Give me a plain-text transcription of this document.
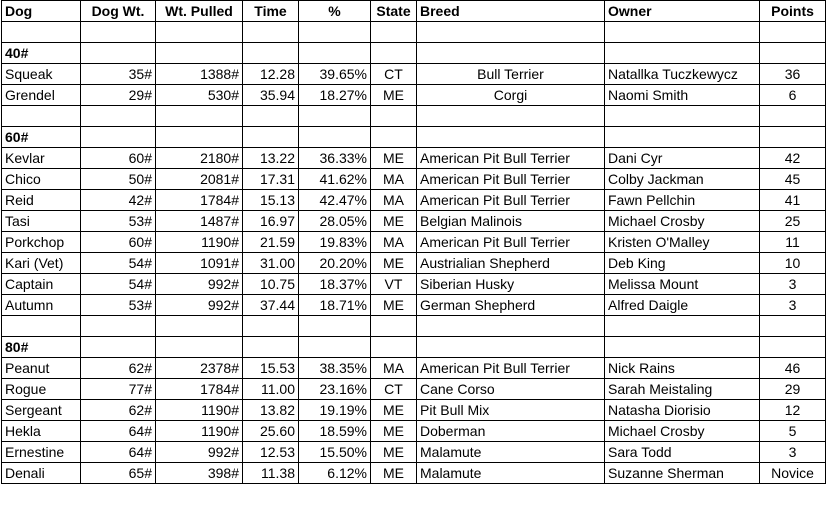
Dog	Dog Wt.	Wt. Pulled	Time	%	State	Breed	Owner	Points

40#								
Squeak	35#	1388#	12.28	39.65%	CT	Bull Terrier	Natallka Tuczkewycz	36
Grendel	29#	530#	35.94	18.27%	ME	Corgi	Naomi Smith	6

60#								
Kevlar	60#	2180#	13.22	36.33%	ME	American Pit Bull Terrier	Dani Cyr	42
Chico	50#	2081#	17.31	41.62%	MA	American Pit Bull Terrier	Colby Jackman	45
Reid	42#	1784#	15.13	42.47%	MA	American Pit Bull Terrier	Fawn Pellchin	41
Tasi	53#	1487#	16.97	28.05%	ME	Belgian Malinois	Michael Crosby	25
Porkchop	60#	1190#	21.59	19.83%	MA	American Pit Bull Terrier	Kristen O'Malley	11
Kari (Vet)	54#	1091#	31.00	20.20%	ME	Austrialian Shepherd	Deb King	10
Captain	54#	992#	10.75	18.37%	VT	Siberian Husky	Melissa Mount	3
Autumn	53#	992#	37.44	18.71%	ME	German Shepherd	Alfred Daigle	3

80#								
Peanut	62#	2378#	15.53	38.35%	MA	American Pit Bull Terrier	Nick Rains	46
Rogue	77#	1784#	11.00	23.16%	CT	Cane Corso	Sarah Meistaling	29
Sergeant	62#	1190#	13.82	19.19%	ME	Pit Bull Mix	Natasha Diorisio	12
Hekla	64#	1190#	25.60	18.59%	ME	Doberman	Michael Crosby	5
Ernestine	64#	992#	12.53	15.50%	ME	Malamute	Sara Todd	3
Denali	65#	398#	11.38	6.12%	ME	Malamute	Suzanne Sherman	Novice
